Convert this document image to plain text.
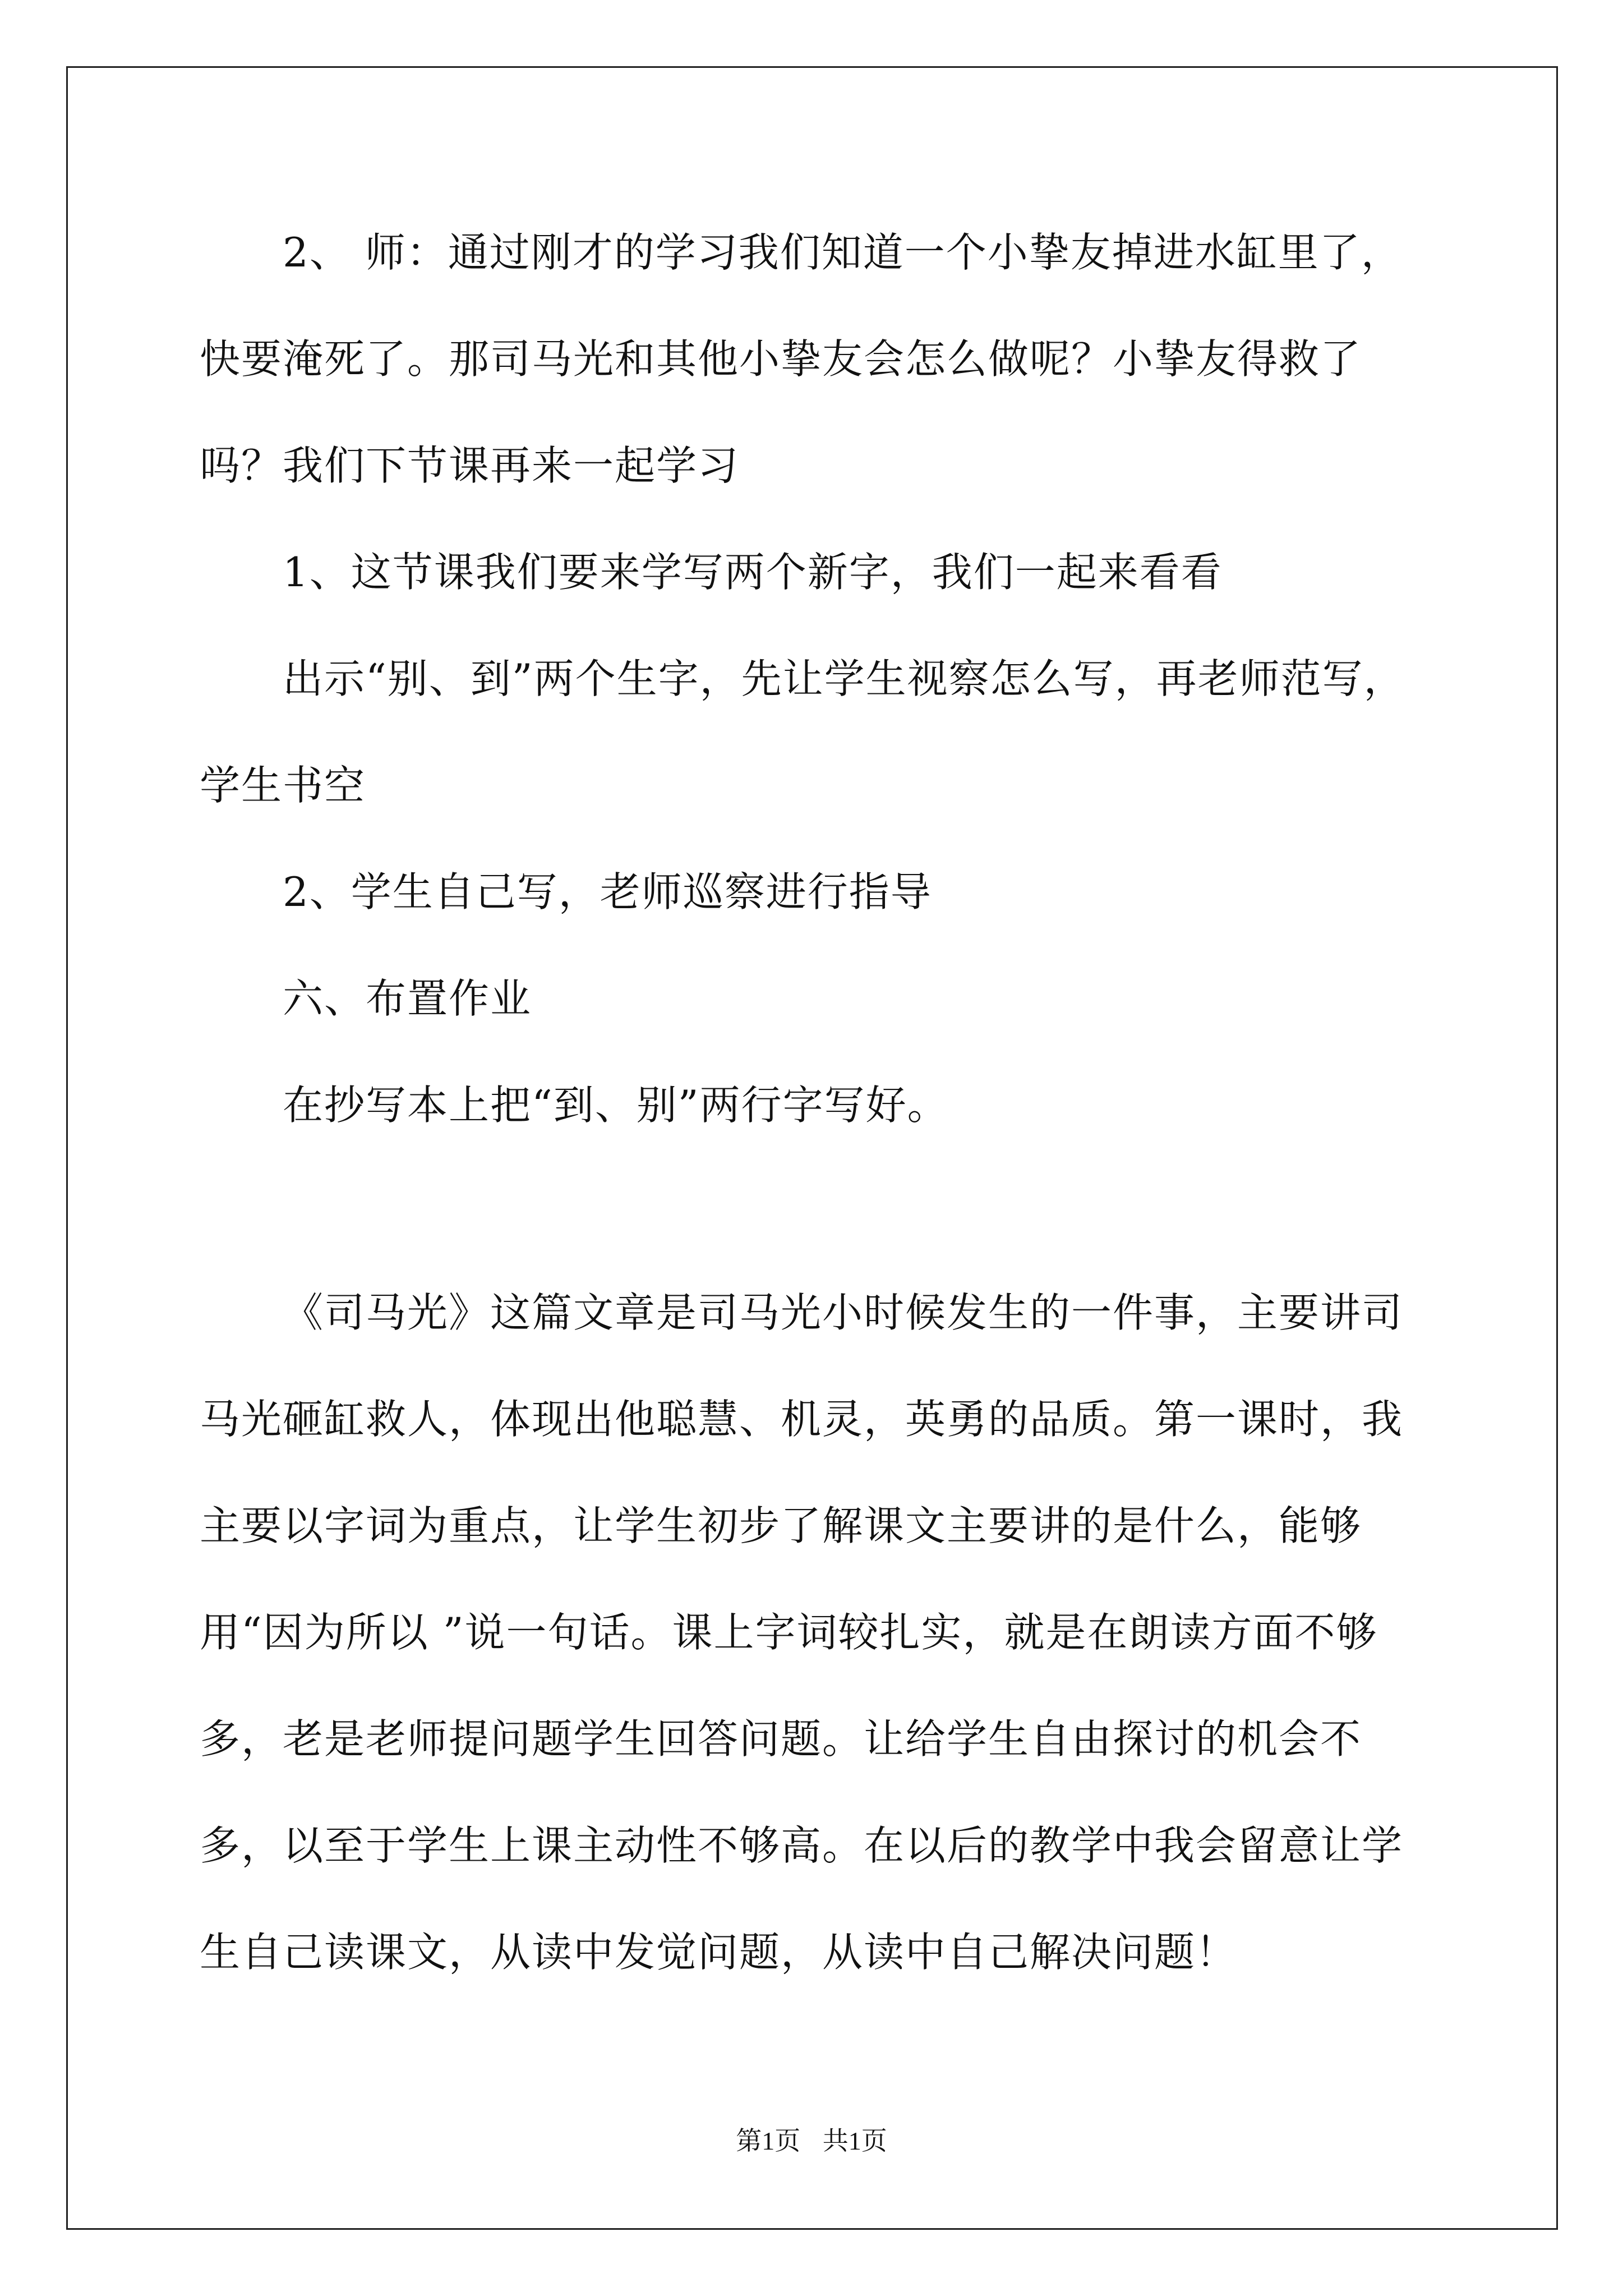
2、 师：通过刚才的学习我们知道一个小挚友掉进水缸里了，快要淹死了。那司马光和其他小挚友会怎么做呢？小挚友得救了吗？我们下节课再来一起学习

1、这节课我们要来学写两个新字，我们一起来看看

出示“别、到”两个生字，先让学生视察怎么写，再老师范写，学生书空

2、学生自己写，老师巡察进行指导

六、布置作业

在抄写本上把“到、别”两行字写好。

《司马光》这篇文章是司马光小时候发生的一件事，主要讲司马光砸缸救人，体现出他聪慧、机灵，英勇的品质。第一课时，我主要以字词为重点，让学生初步了解课文主要讲的是什么，能够用“因为所以 ”说一句话。课上字词较扎实，就是在朗读方面不够多，老是老师提问题学生回答问题。让给学生自由探讨的机会不多，以至于学生上课主动性不够高。在以后的教学中我会留意让学生自己读课文，从读中发觉问题，从读中自己解决问题！

第1页 共1页
